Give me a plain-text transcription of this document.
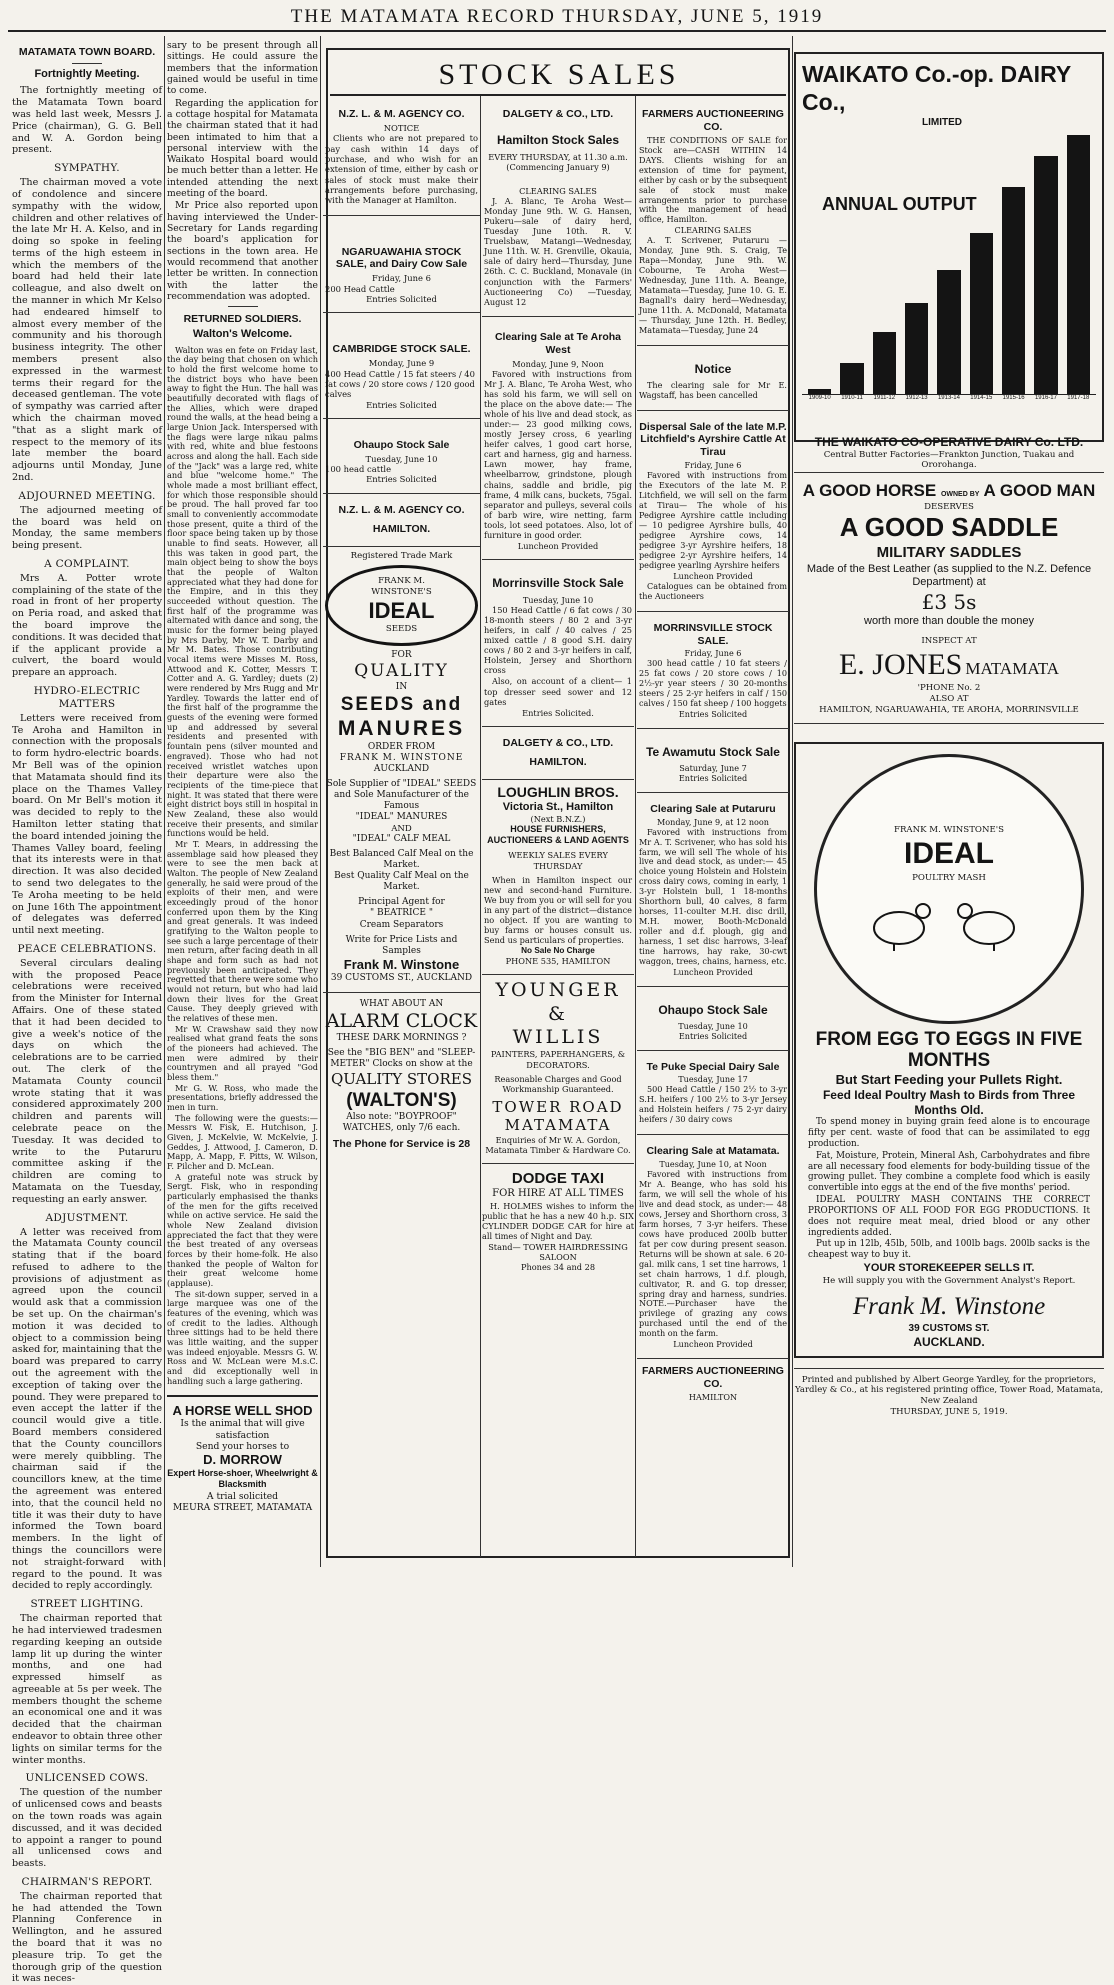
THE MATAMATA RECORD THURSDAY, JUNE 5, 1919
MATAMATA TOWN BOARD.
Fortnightly Meeting.

The fortnightly meeting of the Matamata Town board was held last week, Messrs J. Price (chairman), G. G. Bell and W. A. Gordon being present.

SYMPATHY.

The chairman moved a vote of condolence and sincere sympathy with the widow, children and other relatives of the late Mr H. A. Kelso, and in doing so spoke in feeling terms of the high esteem in which the members of the board had held their late colleague, and also dwelt on the manner in which Mr Kelso had endeared himself to almost every member of the community and his thorough business integrity. The other members present also expressed in the warmest terms their regard for the deceased gentleman. The vote of sympathy was carried after which the chairman moved "that as a slight mark of respect to the memory of its late member the board adjourns until Monday, June 2nd.

ADJOURNED MEETING.

The adjourned meeting of the board was held on Monday, the same members being present.

A COMPLAINT.

Mrs A. Potter wrote complaining of the state of the road in front of her property on Peria road, and asked that the board improve the conditions. It was decided that if the applicant provide a culvert, the board would prepare an approach.

HYDRO-ELECTRIC MATTERS

Letters were received from Te Aroha and Hamilton in connection with the proposals to form hydro-electric boards. Mr Bell was of the opinion that Matamata should find its place on the Thames Valley board. On Mr Bell's motion it was decided to reply to the Hamilton letter stating that the board intended joining the Thames Valley board, feeling that its interests were in that direction. It was also decided to send two delegates to the Te Aroha meeting to be held on June 16th The appointment of delegates was deferred until next meeting.

PEACE CELEBRATIONS.

Several circulars dealing with the proposed Peace celebrations were received from the Minister for Internal Affairs. One of these stated that it had been decided to give a week's notice of the days on which the celebrations are to be carried out. The clerk of the Matamata County council wrote stating that it was considered approximately 200 children and parents will celebrate peace on the Tuesday. It was decided to write to the Putaruru committee asking if the children are coming to Matamata on the Tuesday, requesting an early answer.

ADJUSTMENT.

A letter was received from the Matamata County council stating that if the board refused to adhere to the provisions of adjustment as agreed upon the council would ask that a commission be set up. On the chairman's motion it was decided to object to a commission being asked for, maintaining that the board was prepared to carry out the agreement with the exception of taking over the pound. They were prepared to even accept the latter if the council would give a title. Board members considered that the County councillors were merely quibbling. The chairman said if the councillors knew, at the time the agreement was entered into, that the council held no title it was their duty to have informed the Town board members. In the light of things the councillors were not straight-forward with regard to the pound. It was decided to reply accordingly.

STREET LIGHTING.

The chairman reported that he had interviewed tradesmen regarding keeping an outside lamp lit up during the winter months, and one had expressed himself as agreeable at 5s per week. The members thought the scheme an economical one and it was decided that the chairman endeavor to obtain three other lights on similar terms for the winter months.

UNLICENSED COWS.

The question of the number of unlicensed cows and beasts on the town roads was again discussed, and it was decided to appoint a ranger to pound all unlicensed cows and beasts.

CHAIRMAN'S REPORT.

The chairman reported that he had attended the Town Planning Conference in Wellington, and he assured the board that it was no pleasure trip. To get the thorough grip of the question it was neces-

sary to be present through all sittings. He could assure the members that the information gained would be useful in time to come.

Regarding the application for a cottage hospital for Matamata the chairman stated that it had been intimated to him that a personal interview with the Waikato Hospital board would be much better than a letter. He intended attending the next meeting of the board.

Mr Price also reported upon having interviewed the Under-Secretary for Lands regarding the board's application for sections in the town area. He would recommend that another letter be written. In connection with the latter the recommendation was adopted.

RETURNED SOLDIERS.
Walton's Welcome.

Walton was en fete on Friday last, the day being that chosen on which to hold the first welcome home to the district boys who have been away to fight the Hun. The hall was beautifully decorated with flags of the Allies, which were draped round the walls, at the head being a large Union Jack. Interspersed with the flags were large nikau palms with red, white and blue festoons across and along the hall. Each side of the "Jack" was a large red, white and blue "welcome home." The whole made a most brilliant effect, for which those responsible should be proud. The hall proved far too small to conveniently accommodate those present, quite a third of the floor space being taken up by those unable to find seats. However, all this was taken in good part, the main object being to show the boys that the people of Walton appreciated what they had done for the Empire, and in this they succeeded without question. The first half of the programme was alternated with dance and song, the music for the former being played by Mrs Darby, Mr W. T. Darby and Mr M. Bates. Those contributing vocal items were Misses M. Ross, Attwood and K. Cotter, Messrs T. Cotter and A. G. Yardley; duets (2) were rendered by Mrs Rugg and Mr Yardley. Towards the latter end of the first half of the programme the guests of the evening were formed up and addressed by several residents and presented with fountain pens (silver mounted and engraved). Those who had not received wristlet watches upon their departure were also the recipients of the time-piece that night. It was stated that there were eight district boys still in hospital in New Zealand, these also would receive their presents, and similar functions would be held.

Mr T. Mears, in addressing the assemblage said how pleased they were to see the men back at Walton. The people of New Zealand generally, he said were proud of the exploits of their men, and were exceedingly proud of the honor conferred upon them by the King and great generals. It was indeed gratifying to the Walton people to see such a large percentage of their men return, after facing death in all shape and form such as had not previously been anticipated. They regretted that there were some who would not return, but who had laid down their lives for the Great Cause. They deeply grieved with the relatives of these men.

Mr W. Crawshaw said they now realised what grand feats the sons of the pioneers had achieved. The men were admired by their countrymen and all prayed "God bless them."

Mr G. W. Ross, who made the presentations, briefly addressed the men in turn.

The following were the guests:—Messrs W. Fisk, E. Hutchison, J. Given, J. McKelvie, W. McKelvie, J. Geddes, J. Attwood, J. Cameron, D. Mapp, A. Mapp, F. Pitts, W. Wilson, F. Pilcher and D. McLean.

A grateful note was struck by Sergt. Fisk, who in responding particularly emphasised the thanks of the men for the gifts received while on active service. He said the whole New Zealand division appreciated the fact that they were the best treated of any overseas forces by their home-folk. He also thanked the people of Walton for their great welcome home (applause).

The sit-down supper, served in a large marquee was one of the features of the evening, which was of credit to the ladies. Although three sittings had to be held there was little waiting, and the supper was indeed enjoyable. Messrs G. W. Ross and W. McLean were M.s.C. and did exceptionally well in handling such a large gathering.

A HORSE WELL SHOD
Is the animal that will give satisfaction
Send your horses to
D. MORROW
Expert Horse-shoer, Wheelwright & Blacksmith
A trial solicited
MEURA STREET, MATAMATA
STOCK SALES
N.Z. L. & M. AGENCY CO.
NOTICE

Clients who are not prepared to pay cash within 14 days of purchase, and who wish for an extension of time, either by cash or sales of stock must make their arrangements before purchasing, with the Manager at Hamilton.

NGARUAWAHIA STOCK SALE, and Dairy Cow Sale
Friday, June 6
200 Head Cattle
Entries Solicited
CAMBRIDGE STOCK SALE.
Monday, June 9
400 Head Cattle / 15 fat steers / 40 fat cows / 20 store cows / 120 good calves
Entries Solicited
Ohaupo Stock Sale
Tuesday, June 10
100 head cattle
Entries Solicited
N.Z. L. & M. AGENCY CO.
HAMILTON.
Registered Trade Mark
FRANK M. WINSTONE'S
IDEAL
SEEDS
FOR
QUALITY
IN
SEEDS and
MANURES
ORDER FROM
FRANK M. WINSTONE
AUCKLAND
Sole Supplier of "IDEAL" SEEDS
and Sole Manufacturer of the Famous
"IDEAL" MANURES
AND
"IDEAL" CALF MEAL
Best Balanced Calf Meal on the Market.
Best Quality Calf Meal on the Market.
Principal Agent for
" BEATRICE "
Cream Separators
Write for Price Lists and Samples
Frank M. Winstone
39 CUSTOMS ST., AUCKLAND
WHAT ABOUT AN
ALARM CLOCK
THESE DARK MORNINGS ?
See the "BIG BEN" and "SLEEP-METER" Clocks on show at the
QUALITY STORES
(WALTON'S)
Also note: "BOYPROOF" WATCHES, only 7/6 each.
The Phone for Service is 28
DALGETY & CO., LTD.
Hamilton Stock Sales
EVERY THURSDAY, at 11.30 a.m. (Commencing January 9)
CLEARING SALES

J. A. Blanc, Te Aroha West—Monday June 9th. W. G. Hansen, Pukeru—sale of dairy herd, Tuesday June 10th. R. V. Truelsbaw, Matangi—Wednesday, June 11th. W. H. Grenville, Okauia, sale of dairy herd—Thursday, June 26th. C. C. Buckland, Monavale (in conjunction with the Farmers' Auctioneering Co) —Tuesday, August 12

Clearing Sale at Te Aroha West
Monday, June 9, Noon

Favored with instructions from Mr J. A. Blanc, Te Aroha West, who has sold his farm, we will sell on the place on the above date:— The whole of his live and dead stock, as under:— 23 good milking cows, mostly Jersey cross, 6 yearling heifer calves, 1 good cart horse, cart and harness, gig and harness. Lawn mower, hay frame, wheelbarrow, grindstone, plough chains, saddle and bridle, pig frame, 4 milk cans, buckets, 75gal. separator and pulleys, several coils of barb wire, wire netting, farm tools, lot seed potatoes. Also, lot of furniture in good order.

Luncheon Provided
Morrinsville Stock Sale
Tuesday, June 10

150 Head Cattle / 6 fat cows / 30 18-month steers / 80 2 and 3-yr heifers, in calf / 40 calves / 25 mixed cattle / 8 good S.H. dairy cows / 80 2 and 3-yr heifers in calf, Holstein, Jersey and Shorthorn cross

Also, on account of a client— 1 top dresser seed sower and 12 gates

Entries Solicited.
DALGETY & CO., LTD.
HAMILTON.
LOUGHLIN BROS.
Victoria St., Hamilton
(Next B.N.Z.)
HOUSE FURNISHERS, AUCTIONEERS & LAND AGENTS
WEEKLY SALES EVERY THURSDAY

When in Hamilton inspect our new and second-hand Furniture. We buy from you or will sell for you in any part of the district—distance no object. If you are wanting to buy farms or houses consult us. Send us particulars of properties.

No Sale No Charge
PHONE 535, HAMILTON
YOUNGER &
WILLIS
PAINTERS, PAPERHANGERS, & DECORATORS.
Reasonable Charges and Good Workmanship Guaranteed.
TOWER ROAD
MATAMATA
Enquiries of Mr W. A. Gordon, Matamata Timber & Hardware Co.
DODGE TAXI
FOR HIRE AT ALL TIMES

H. HOLMES wishes to inform the public that he has a new 40 h.p. SIX CYLINDER DODGE CAR for hire at all times of Night and Day.

Stand— TOWER HAIRDRESSING SALOON
Phones 34 and 28
FARMERS AUCTIONEERING CO.

THE CONDITIONS OF SALE for Stock are—CASH WITHIN 14 DAYS. Clients wishing for an extension of time for payment, either by cash or by the subsequent sale of stock must make arrangements prior to purchase with the management of head office, Hamilton.

CLEARING SALES

A. T. Scrivener, Putaruru — Monday, June 9th. S. Craig, Te Rapa—Monday, June 9th. W. Cobourne, Te Aroha West—Wednesday, June 11th. A. Beange, Matamata—Tuesday, June 10. G. E. Bagnall's dairy herd—Wednesday, June 11th. A. McDonald, Matamata — Thursday, June 12th. H. Bedley, Matamata—Tuesday, June 24

Notice

The clearing sale for Mr E. Wagstaff, has been cancelled

Dispersal Sale of the late M.P. Litchfield's Ayrshire Cattle At Tirau
Friday, June 6

Favored with instructions from the Executors of the late M. P. Litchfield, we will sell on the farm at Tirau— The whole of his Pedigree Ayrshire cattle including— 10 pedigree Ayrshire bulls, 40 pedigree Ayrshire cows, 14 pedigree 3-yr Ayrshire heifers, 18 pedigree 2-yr Ayrshire heifers, 14 pedigree yearling Ayrshire heifers

Luncheon Provided

Catalogues can be obtained from the Auctioneers

MORRINSVILLE STOCK SALE.
Friday, June 6

300 head cattle / 10 fat steers / 25 fat cows / 20 store cows / 10 2½-yr year steers / 30 20-months steers / 25 2-yr heifers in calf / 150 calves / 150 fat sheep / 100 hoggets

Entries Solicited
Te Awamutu Stock Sale
Saturday, June 7
Entries Solicited
Clearing Sale at Putaruru
Monday, June 9, at 12 noon

Favored with instructions from Mr A. T. Scrivener, who has sold his farm, we will sell The whole of his live and dead stock, as under:— 45 choice young Holstein and Holstein cross dairy cows, coming in early, 1 3-yr Holstein bull, 1 18-months Shorthorn bull, 40 calves, 8 farm horses, 11-coulter M.H. disc drill, M.H. mower, Booth-McDonald roller and d.f. plough, gig and harness, 1 set disc harrows, 3-leaf tine harrows, hay rake, 30-cwt waggon, trees, chains, harness, etc.

Luncheon Provided
Ohaupo Stock Sale
Tuesday, June 10
Entries Solicited
Te Puke Special Dairy Sale
Tuesday, June 17

500 Head Cattle / 150 2½ to 3-yr S.H. heifers / 100 2½ to 3-yr Jersey and Holstein heifers / 75 2-yr dairy heifers / 30 dairy cows

Clearing Sale at Matamata.
Tuesday, June 10, at Noon

Favored with instructions from Mr A. Beange, who has sold his farm, we will sell the whole of his live and dead stock, as under:— 48 cows, Jersey and Shorthorn cross, 3 farm horses, 7 3-yr heifers. These cows have produced 200lb butter fat per cow during present season. Returns will be shown at sale. 6 20-gal. milk cans, 1 set tine harrows, 1 set chain harrows, 1 d.f. plough, cultivator, R. and G. top dresser, spring dray and harness, sundries. NOTE.—Purchaser have the privilege of grazing any cows purchased until the end of the month on the farm.

Luncheon Provided
FARMERS AUCTIONEERING CO.
HAMILTON
WAIKATO Co.-op. DAIRY Co.,
LIMITED
ANNUAL OUTPUT
1909-10 1910-11 1911-12 1912-13 1913-14 1914-15 1915-16 1916-17 1917-18
THE WAIKATO CO-OPERATIVE DAIRY Co. LTD.
Central Butter Factories—Frankton Junction, Tuakau and Ororohanga.
A GOOD HORSE OWNED BY A GOOD MAN
DESERVES
A GOOD SADDLE
MILITARY SADDLES
Made of the Best Leather (as supplied to the N.Z. Defence Department) at
£3 5s
worth more than double the money
INSPECT AT
E. JONES MATAMATA
'PHONE No. 2
ALSO AT
HAMILTON, NGARUAWAHIA, TE AROHA, MORRINSVILLE
FRANK M. WINSTONE'S
IDEAL
POULTRY MASH
FROM EGG TO EGGS IN FIVE MONTHS
But Start Feeding your Pullets Right.
Feed Ideal Poultry Mash to Birds from Three Months Old.

To spend money in buying grain feed alone is to encourage fifty per cent. waste of food that can be assimilated to egg production.

Fat, Moisture, Protein, Mineral Ash, Carbohydrates and fibre are all necessary food elements for body-building tissue of the growing pullet. They combine a complete food which is easily convertible into eggs at the end of the five months' period.

IDEAL POULTRY MASH CONTAINS THE CORRECT PROPORTIONS OF ALL FOOD FOR EGG PRODUCTIONS. It does not require meat meal, dried blood or any other ingredients added.

Put up in 12lb, 45lb, 50lb, and 100lb bags. 200lb sacks is the cheapest way to buy it.

YOUR STOREKEEPER SELLS IT.
He will supply you with the Government Analyst's Report.
Frank M. Winstone
39 CUSTOMS ST.
AUCKLAND.

Printed and published by Albert George Yardley, for the proprietors, Yardley & Co., at his registered printing office, Tower Road, Matamata, New Zealand

THURSDAY, JUNE 5, 1919.
